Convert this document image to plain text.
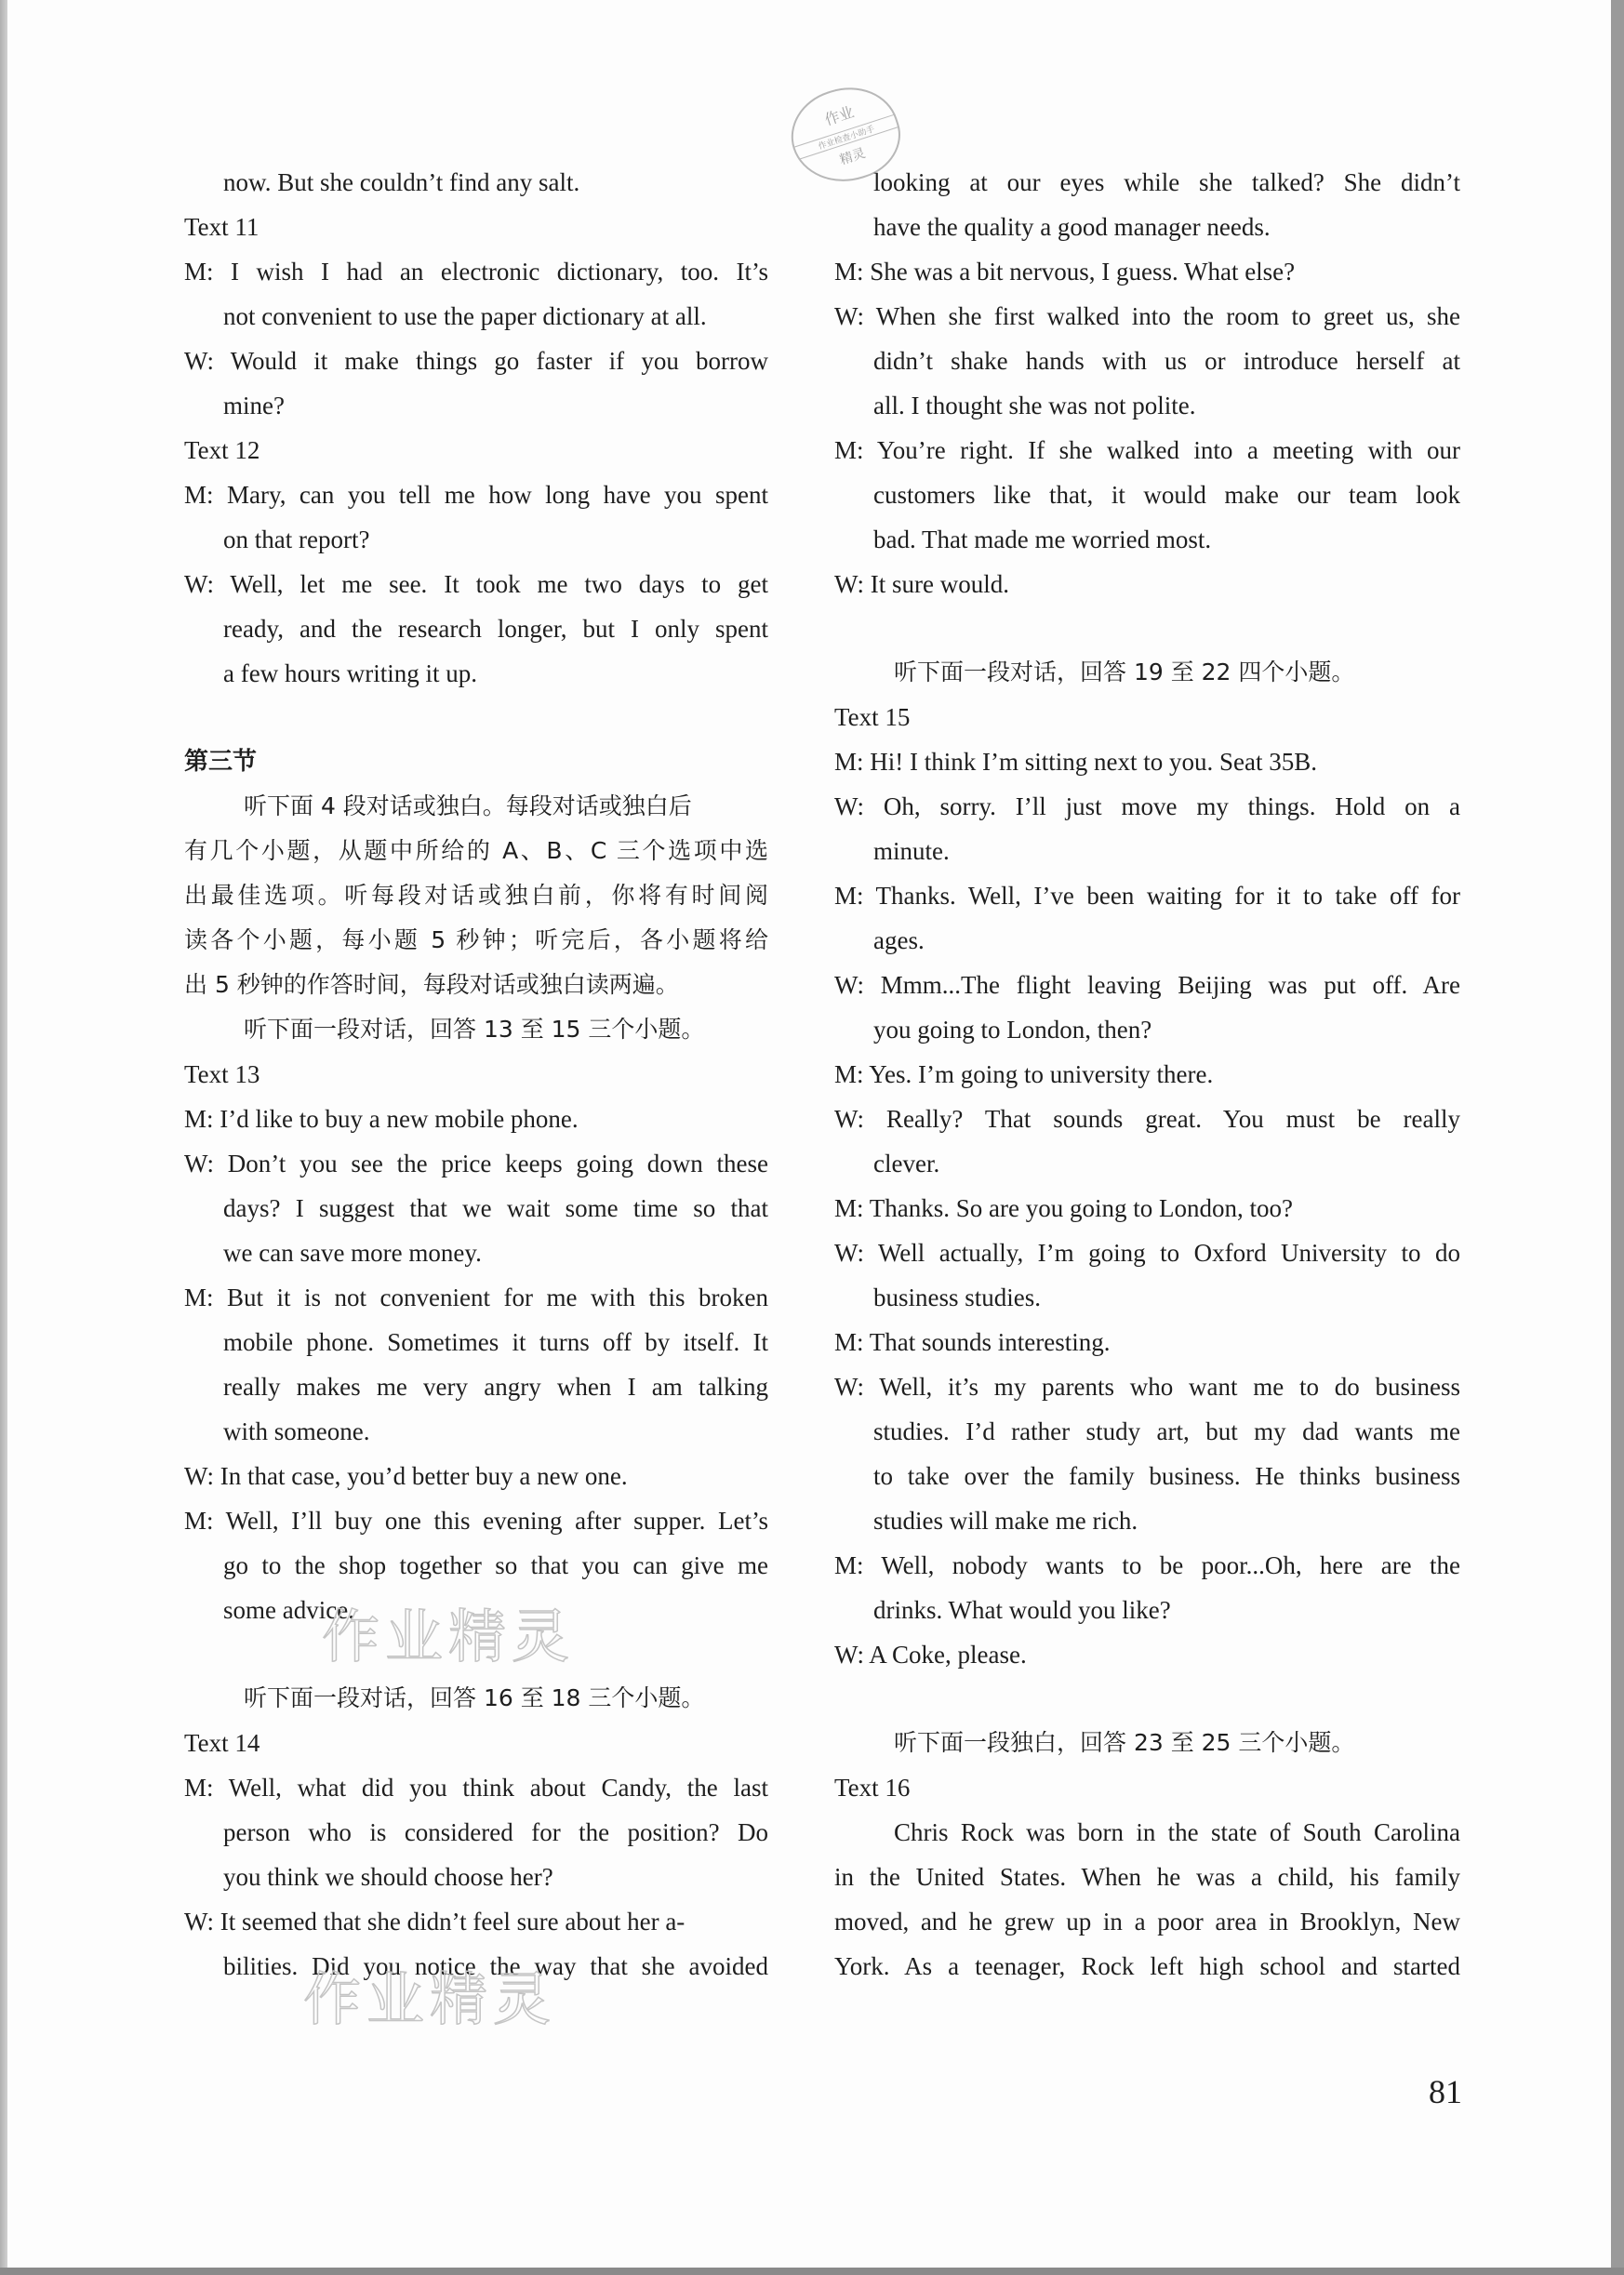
作业
作业检查小助手
精灵
now. But she couldn’t find any salt.
Text 11
M: I wish I had an electronic dictionary, too. It’s
not convenient to use the paper dictionary at all.
W: Would it make things go faster if you borrow
mine?
Text 12
M: Mary, can you tell me how long have you spent
on that report?
W: Well, let me see. It took me two days to get
ready, and the research longer, but I only spent
a few hours writing it up.
第三节
听下面 4 段对话或独白。每段对话或独白后
有几个小题，从题中所给的 A、B、C 三个选项中选
出最佳选项。听每段对话或独白前，你将有时间阅
读各个小题，每小题 5 秒钟；听完后，各小题将给
出 5 秒钟的作答时间，每段对话或独白读两遍。
听下面一段对话，回答 13 至 15 三个小题。
Text 13
M: I’d like to buy a new mobile phone.
W: Don’t you see the price keeps going down these
days? I suggest that we wait some time so that
we can save more money.
M: But it is not convenient for me with this broken
mobile phone. Sometimes it turns off by itself. It
really makes me very angry when I am talking
with someone.
W: In that case, you’d better buy a new one.
M: Well, I’ll buy one this evening after supper. Let’s
go to the shop together so that you can give me
some advice.
听下面一段对话，回答 16 至 18 三个小题。
Text 14
M: Well, what did you think about Candy, the last
person who is considered for the position? Do
you think we should choose her?
W: It seemed that she didn’t feel sure about her a-
bilities. Did you notice the way that she avoided
looking at our eyes while she talked? She didn’t
have the quality a good manager needs.
M: She was a bit nervous, I guess. What else?
W: When she first walked into the room to greet us, she
didn’t shake hands with us or introduce herself at
all. I thought she was not polite.
M: You’re right. If she walked into a meeting with our
customers like that, it would make our team look
bad. That made me worried most.
W: It sure would.
听下面一段对话，回答 19 至 22 四个小题。
Text 15
M: Hi! I think I’m sitting next to you. Seat 35B.
W: Oh, sorry. I’ll just move my things. Hold on a
minute.
M: Thanks. Well, I’ve been waiting for it to take off for
ages.
W: Mmm...The flight leaving Beijing was put off. Are
you going to London, then?
M: Yes. I’m going to university there.
W: Really? That sounds great. You must be really
clever.
M: Thanks. So are you going to London, too?
W: Well actually, I’m going to Oxford University to do
business studies.
M: That sounds interesting.
W: Well, it’s my parents who want me to do business
studies. I’d rather study art, but my dad wants me
to take over the family business. He thinks business
studies will make me rich.
M: Well, nobody wants to be poor...Oh, here are the
drinks. What would you like?
W: A Coke, please.
听下面一段独白，回答 23 至 25 三个小题。
Text 16
Chris Rock was born in the state of South Carolina
in the United States. When he was a child, his family
moved, and he grew up in a poor area in Brooklyn, New
York. As a teenager, Rock left high school and started
作业精灵
作业精灵
81
